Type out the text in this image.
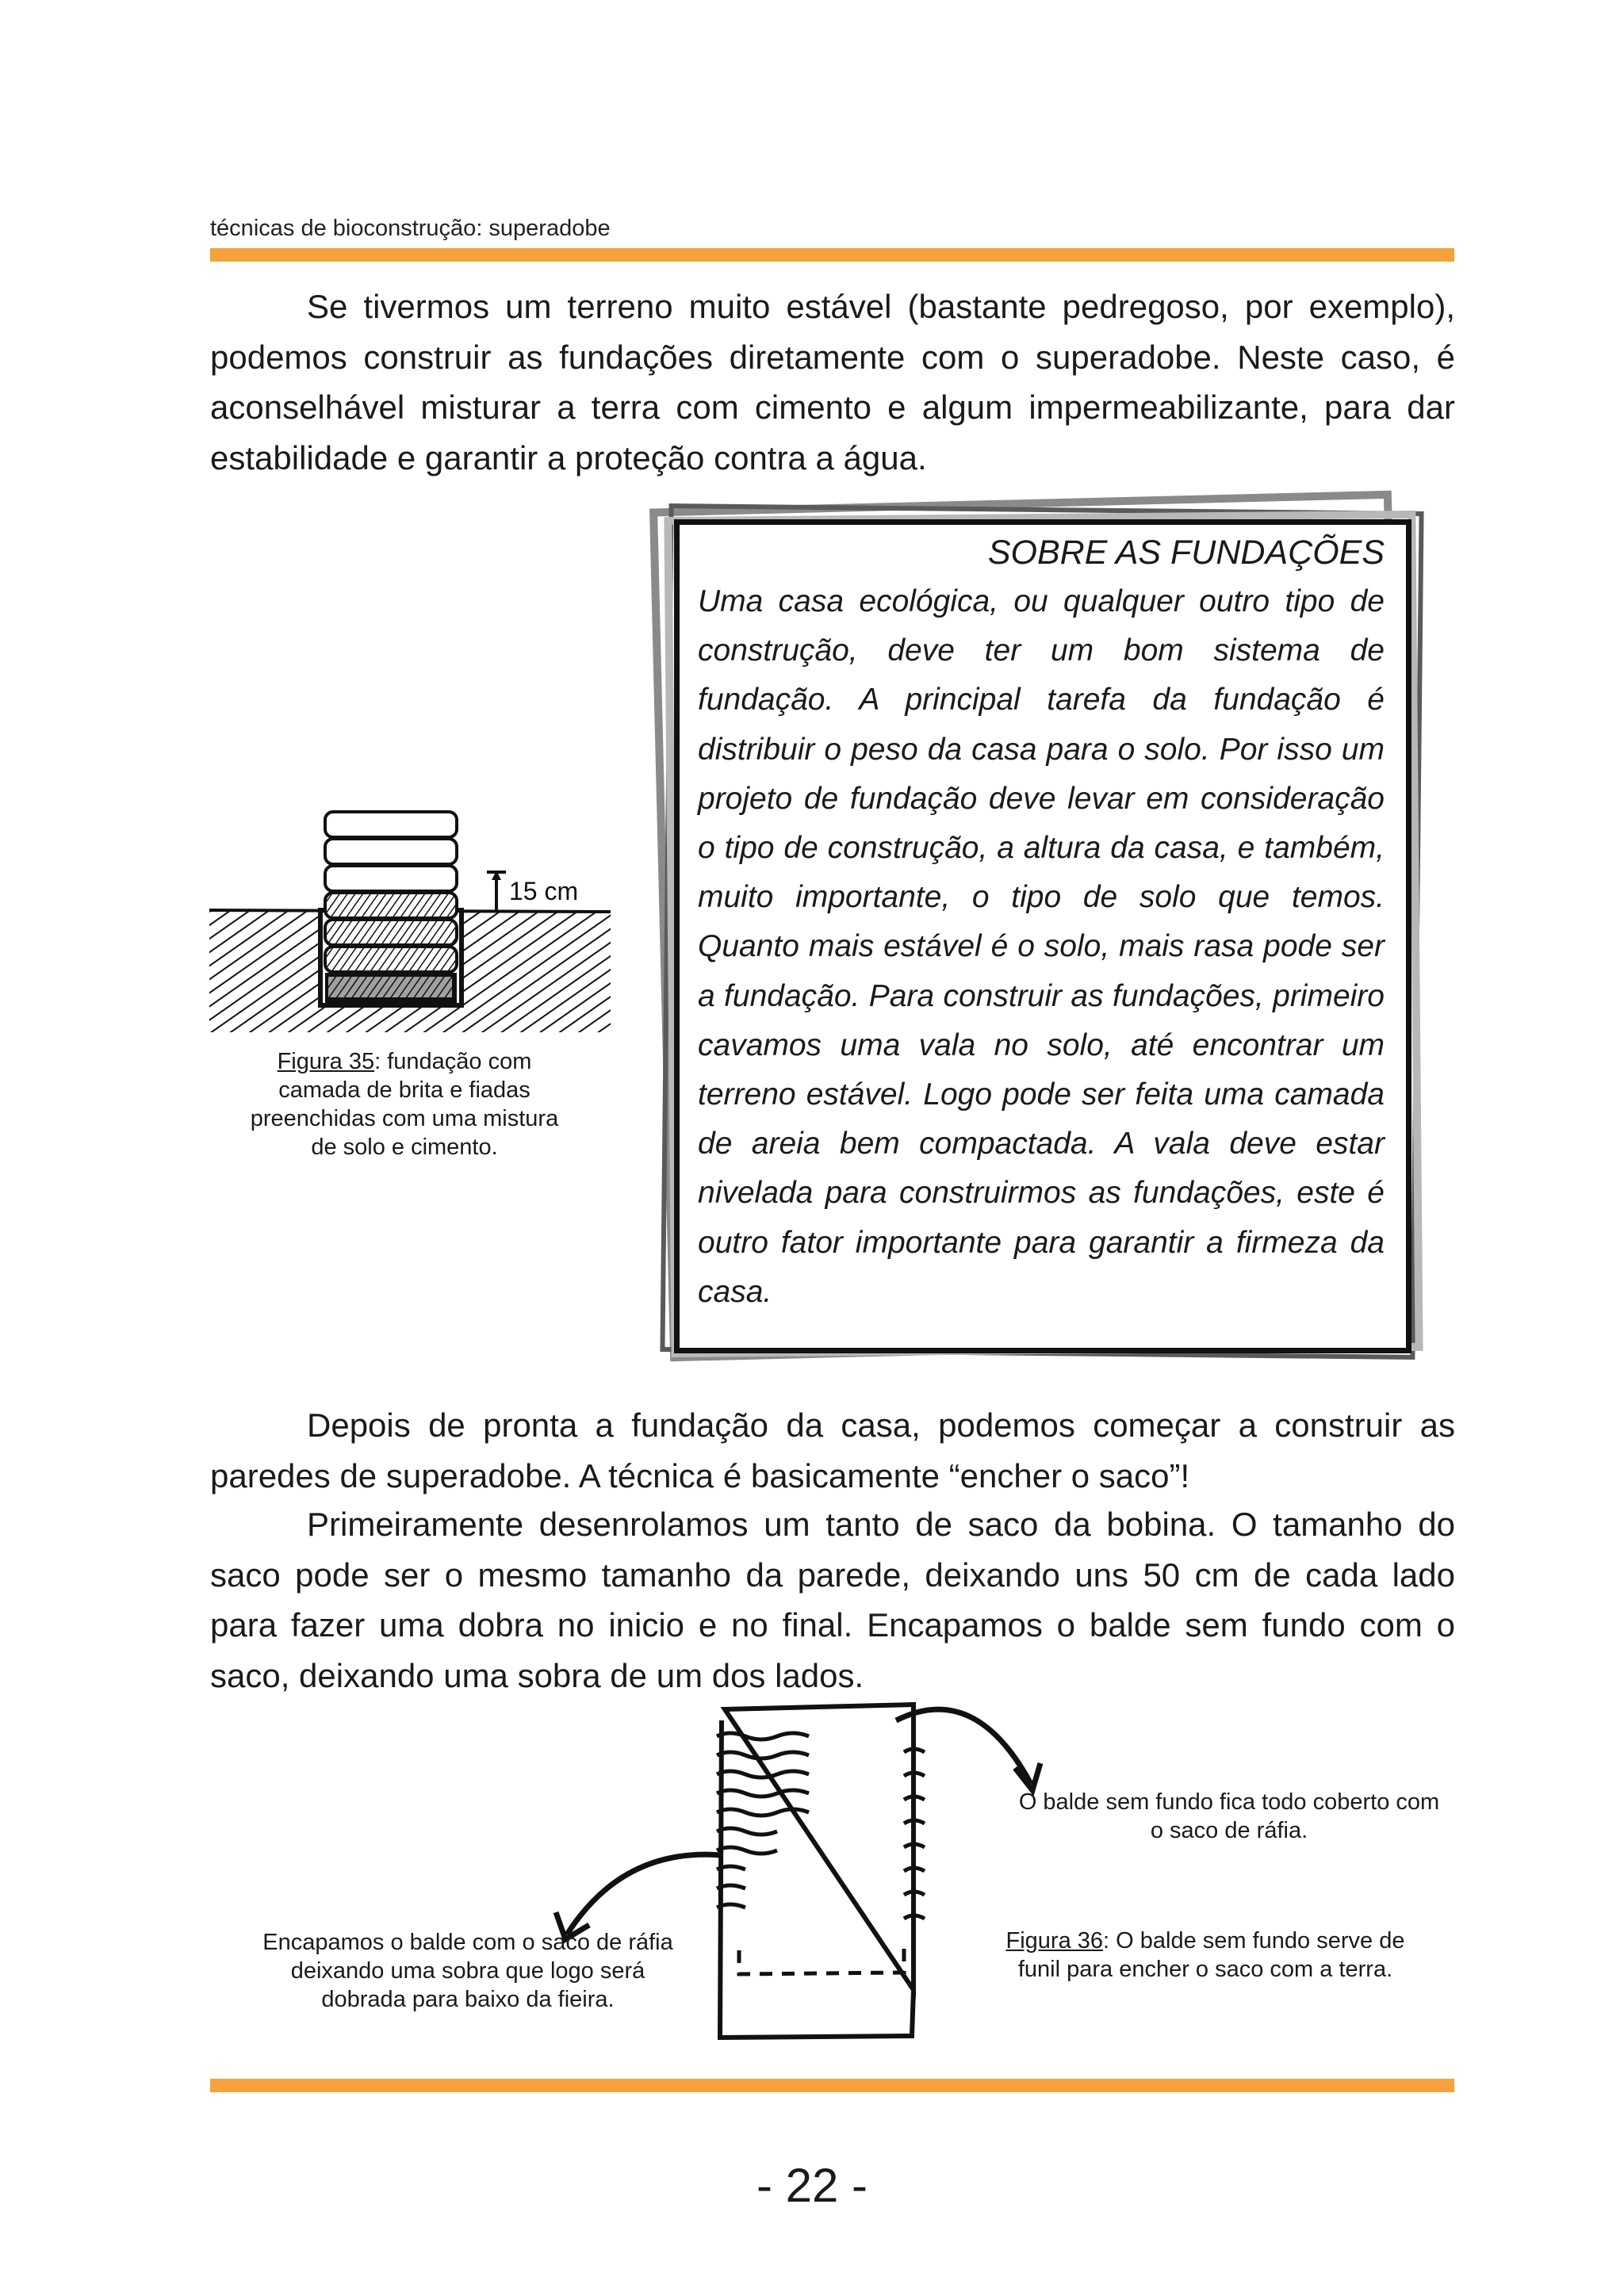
técnicas de bioconstrução: superadobe

Se tivermos um terreno muito estável (bastante pedregoso, por exemplo), podemos construir as fundações diretamente com o superadobe. Neste caso, é aconselhável misturar a terra com cimento e algum impermeabilizante, para dar estabilidade e garantir a proteção contra a água.

SOBRE AS FUNDAÇÕES

Uma casa ecológica, ou qualquer outro tipo de construção, deve ter um bom sistema de fundação. A principal tarefa da fundação é distribuir o peso da casa para o solo. Por isso um projeto de fundação deve levar em consideração o tipo de construção, a altura da casa, e também, muito importante, o tipo de solo que temos. Quanto mais estável é o solo, mais rasa pode ser a fundação. Para construir as fundações, primeiro cavamos uma vala no solo, até encontrar um terreno estável. Logo pode ser feita uma camada de areia bem compactada. A vala deve estar nivelada para construirmos as fundações, este é outro fator importante para garantir a firmeza da casa.

15 cm

Figura 35: fundação com camada de brita e fiadas preenchidas com uma mistura de solo e cimento.

Depois de pronta a fundação da casa, podemos começar a construir as paredes de superadobe. A técnica é basicamente “encher o saco”!

Primeiramente desenrolamos um tanto de saco da bobina. O tamanho do saco pode ser o mesmo tamanho da parede, deixando uns 50 cm de cada lado para fazer uma dobra no inicio e no final. Encapamos o balde sem fundo com o saco, deixando uma sobra de um dos lados.

O balde sem fundo fica todo coberto com o saco de ráfia.

Encapamos o balde com o saco de ráfia deixando uma sobra que logo será dobrada para baixo da fieira.

Figura 36: O balde sem fundo serve de funil para encher o saco com a terra.

- 22 -
